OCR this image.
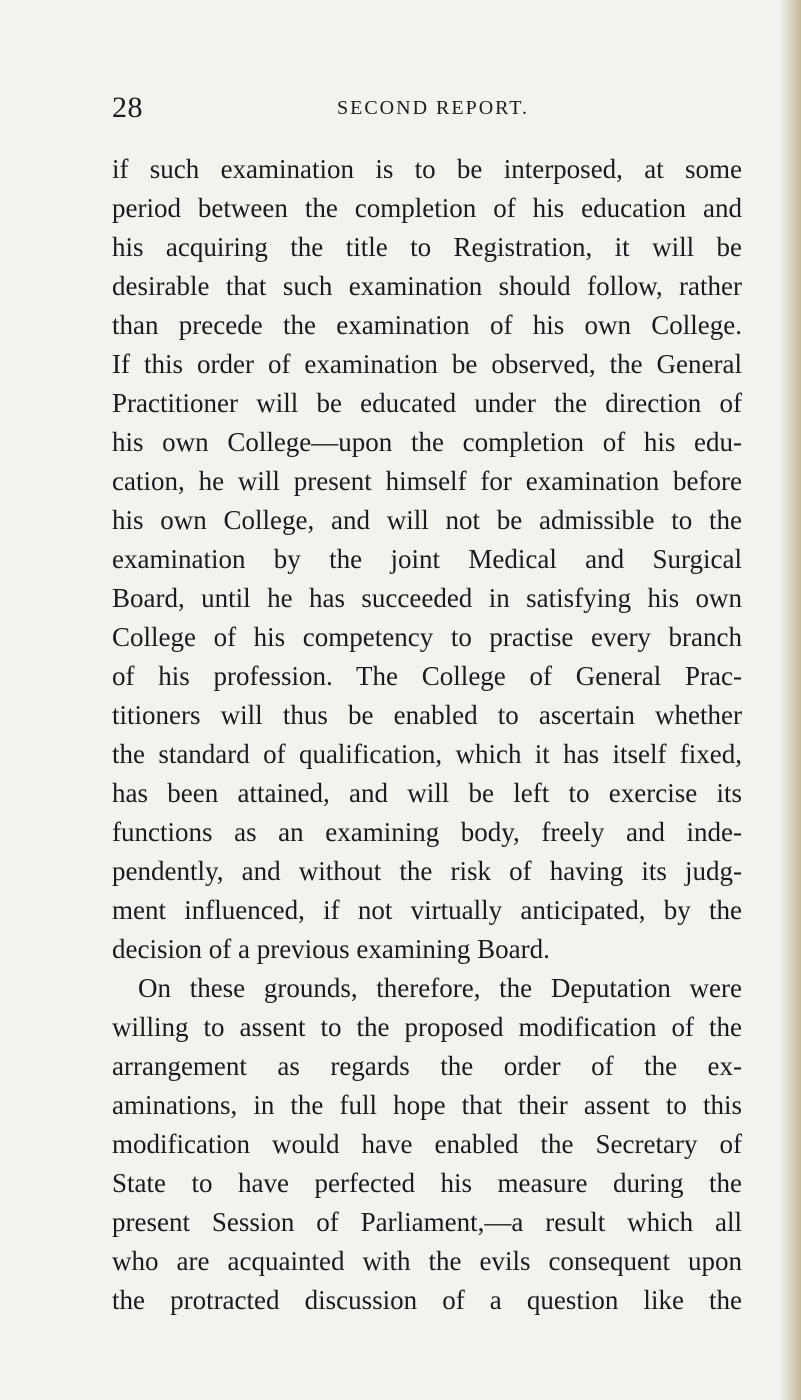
28	SECOND REPORT.
if such examination is to be interposed, at some
period between the completion of his education and
his acquiring the title to Registration, it will be
desirable that such examination should follow, rather
than precede the examination of his own College.
If this order of examination be observed, the General
Practitioner will be educated under the direction of
his own College—upon the completion of his edu-
cation, he will present himself for examination before
his own College, and will not be admissible to the
examination by the joint Medical and Surgical
Board, until he has succeeded in satisfying his own
College of his competency to practise every branch
of his profession. The College of General Prac-
titioners will thus be enabled to ascertain whether
the standard of qualification, which it has itself fixed,
has been attained, and will be left to exercise its
functions as an examining body, freely and inde-
pendently, and without the risk of having its judg-
ment influenced, if not virtually anticipated, by the
decision of a previous examining Board.
On these grounds, therefore, the Deputation were
willing to assent to the proposed modification of the
arrangement as regards the order of the ex-
aminations, in the full hope that their assent to this
modification would have enabled the Secretary of
State to have perfected his measure during the
present Session of Parliament,—a result which all
who are acquainted with the evils consequent upon
the protracted discussion of a question like the
